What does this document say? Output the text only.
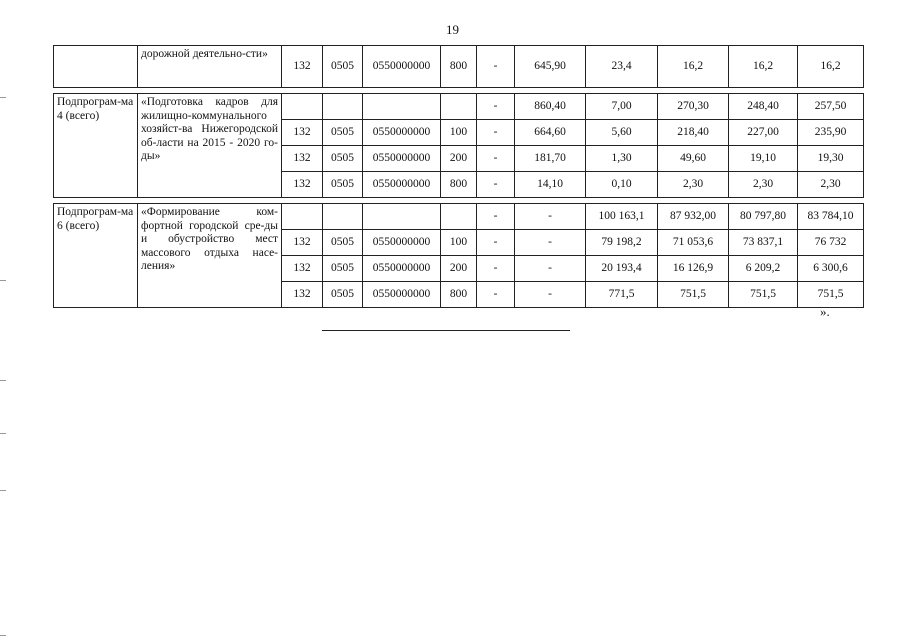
19
	дорожной деятельно-сти»	132	0505	0550000000	800	-	645,90	23,4	16,2	16,2	16,2

Подпрограм-ма 4 (всего)	«Подготовка кадров для жилищно-коммунального хозяйст-ва Нижегородской об-ласти на 2015 - 2020 го-ды»					-	860,40	7,00	270,30	248,40	257,50
		132	0505	0550000000	100	-	664,60	5,60	218,40	227,00	235,90
		132	0505	0550000000	200	-	181,70	1,30	49,60	19,10	19,30
		132	0505	0550000000	800	-	14,10	0,10	2,30	2,30	2,30

Подпрограм-ма 6 (всего)	«Формирование ком-фортной городской сре-ды и обустройство мест массового отдыха насе-ления»					-	-	100 163,1	87 932,00	80 797,80	83 784,10
		132	0505	0550000000	100	-	-	79 198,2	71 053,6	73 837,1	76 732
		132	0505	0550000000	200	-	-	20 193,4	16 126,9	6 209,2	6 300,6
		132	0505	0550000000	800	-	-	771,5	751,5	751,5	751,5
».
